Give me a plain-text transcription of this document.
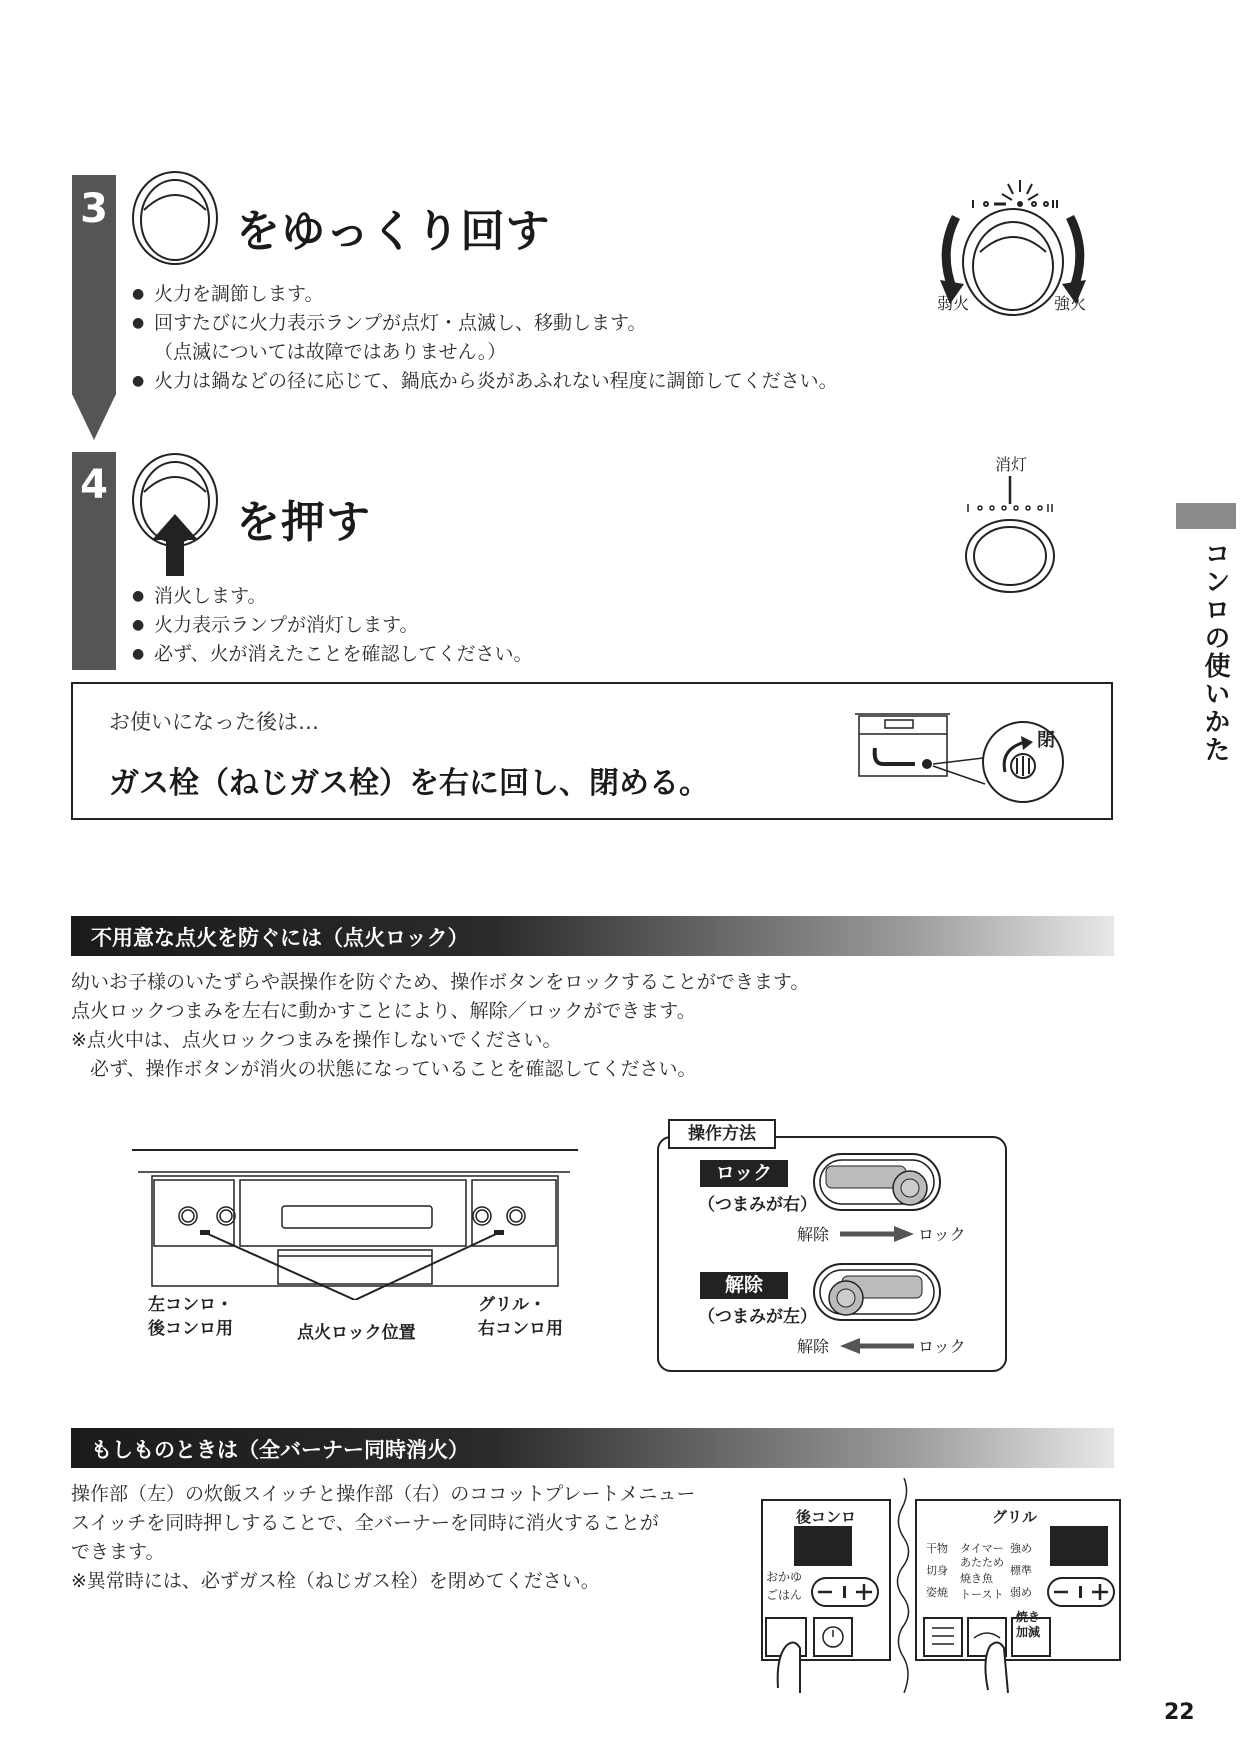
3	をゆっくり回す
● 火力を調節します。
● 回すたびに火力表示ランプが点灯・点滅し、移動します。
（点滅については故障ではありません。）
● 火力は鍋などの径に応じて、鍋底から炎があふれない程度に調節してください。
弱火	強火
4
を押す
● 消火します。
● 火力表示ランプが消灯します。
● 必ず、火が消えたことを確認してください。
消灯
コンロの使いかた
お使いになった後は…
ガス栓（ねじガス栓）を右に回し、閉める。
閉
不用意な点火を防ぐには（点火ロック）
幼いお子様のいたずらや誤操作を防ぐため、操作ボタンをロックすることができます。
点火ロックつまみを左右に動かすことにより、解除／ロックができます。
※点火中は、点火ロックつまみを操作しないでください。
　必ず、操作ボタンが消火の状態になっていることを確認してください。
左コンロ・
後コンロ用	点火ロック位置
グリル・
右コンロ用
操作方法
ロック
（つまみが右）
解除	ロック
解除
（つまみが左）
解除	ロック
もしものときは（全バーナー同時消火）
操作部（左）の炊飯スイッチと操作部（右）のココットプレートメニュー
スイッチを同時押しすることで、全バーナーを同時に消火することが
できます。
※異常時には、必ずガス栓（ねじガス栓）を閉めてください。
後コンロ
おかゆ
ごはん
グリル
干物 タイマー 強め
切身
あたため
標準
姿焼
焼き魚
トースト 弱め
焼き加減
22
